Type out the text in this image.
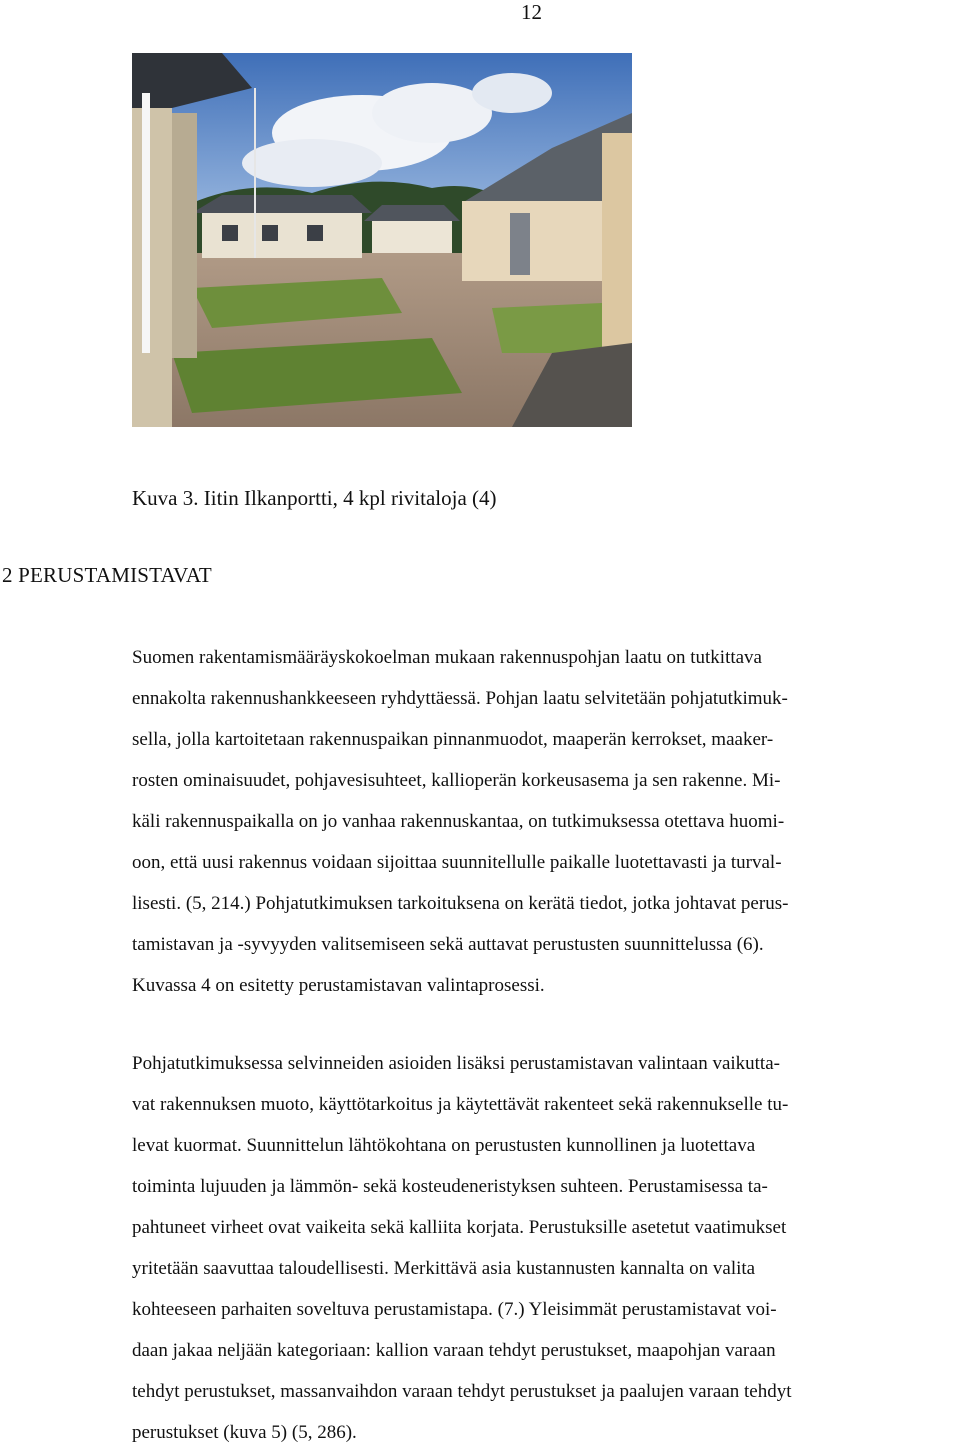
12
Kuva 3. Iitin Ilkanportti, 4 kpl rivitaloja (4)
2 PERUSTAMISTAVAT

Suomen rakentamismääräyskokoelman mukaan rakennuspohjan laatu on tutkittava
ennakolta rakennushankkeeseen ryhdyttäessä. Pohjan laatu selvitetään pohjatutkimuk-
sella, jolla kartoitetaan rakennuspaikan pinnanmuodot, maaperän kerrokset, maaker-
rosten ominaisuudet, pohjavesisuhteet, kallioperän korkeusasema ja sen rakenne. Mi-
käli rakennuspaikalla on jo vanhaa rakennuskantaa, on tutkimuksessa otettava huomi-
oon, että uusi rakennus voidaan sijoittaa suunnitellulle paikalle luotettavasti ja turval-
lisesti. (5, 214.) Pohjatutkimuksen tarkoituksena on kerätä tiedot, jotka johtavat perus-
tamistavan ja -syvyyden valitsemiseen sekä auttavat perustusten suunnittelussa (6).
Kuvassa 4 on esitetty perustamistavan valintaprosessi.

Pohjatutkimuksessa selvinneiden asioiden lisäksi perustamistavan valintaan vaikutta-
vat rakennuksen muoto, käyttötarkoitus ja käytettävät rakenteet sekä rakennukselle tu-
levat kuormat. Suunnittelun lähtökohtana on perustusten kunnollinen ja luotettava
toiminta lujuuden ja lämmön- sekä kosteudeneristyksen suhteen. Perustamisessa ta-
pahtuneet virheet ovat vaikeita sekä kalliita korjata. Perustuksille asetetut vaatimukset
yritetään saavuttaa taloudellisesti. Merkittävä asia kustannusten kannalta on valita
kohteeseen parhaiten soveltuva perustamistapa. (7.) Yleisimmät perustamistavat voi-
daan jakaa neljään kategoriaan: kallion varaan tehdyt perustukset, maapohjan varaan
tehdyt perustukset, massanvaihdon varaan tehdyt perustukset ja paalujen varaan tehdyt
perustukset (kuva 5) (5, 286).
